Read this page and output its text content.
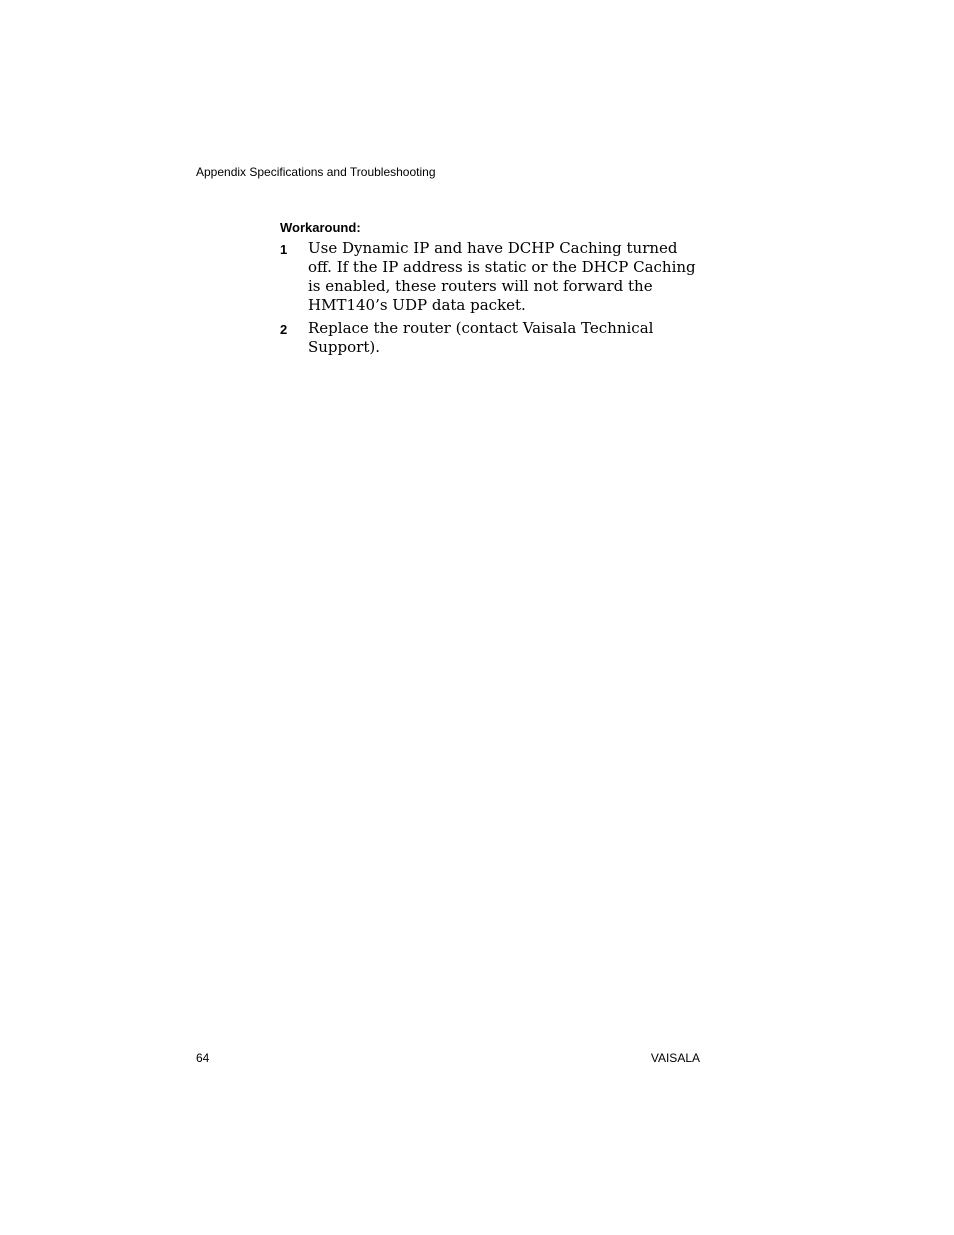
Appendix Specifications and Troubleshooting
Workaround:
1	Use Dynamic IP and have DCHP Caching turned off. If the IP address is static or the DHCP Caching is enabled, these routers will not forward the HMT140’s UDP data packet.
2	Replace the router (contact Vaisala Technical Support).
64	VAISALA
